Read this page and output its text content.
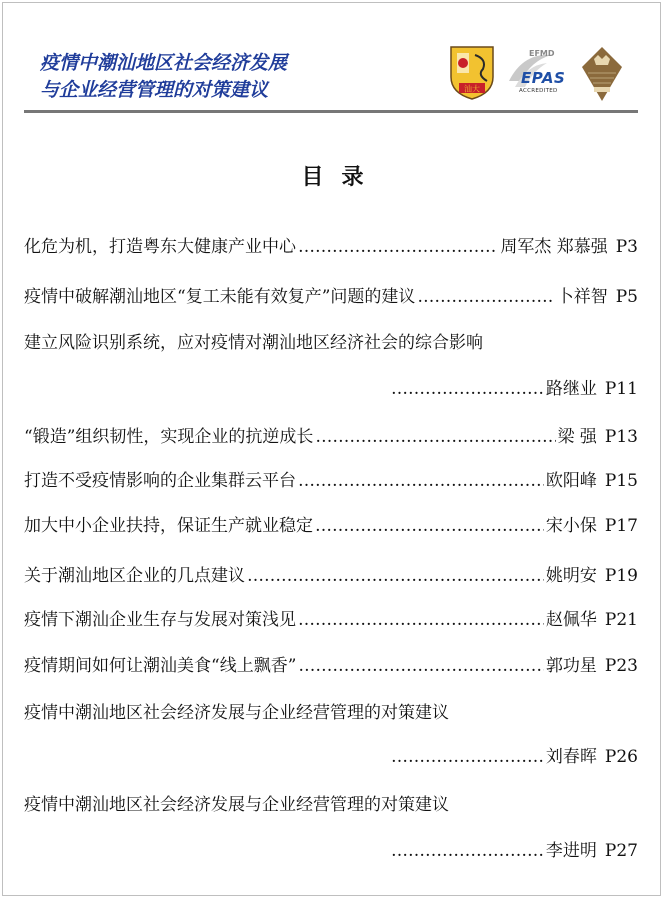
疫情中潮汕地区社会经济发展
与企业经营管理的对策建议	汕大
EFMD
EPAS
ACCREDITED
目录
化危为机，打造粤东大健康产业中心 ……………………………………………………………………………………………………………………	周军杰 郑慕强 P3
疫情中破解潮汕地区“复工未能有效复产”问题的建议 ……………………………………………………………………………………………………………………	卜祥智 P5
建立风险识别系统，应对疫情对潮汕地区经济社会的综合影响
……………………………………………………………………………………………………………………
路继业 P11
“锻造”组织韧性，实现企业的抗逆成长 ……………………………………………………………………………………………………………………	梁 强 P13
打造不受疫情影响的企业集群云平台 ……………………………………………………………………………………………………………………	欧阳峰 P15
加大中小企业扶持，保证生产就业稳定 ……………………………………………………………………………………………………………………	宋小保 P17
关于潮汕地区企业的几点建议 ……………………………………………………………………………………………………………………	姚明安 P19
疫情下潮汕企业生存与发展对策浅见 ……………………………………………………………………………………………………………………	赵佩华 P21
疫情期间如何让潮汕美食“线上飘香” ……………………………………………………………………………………………………………………	郭功星 P23
疫情中潮汕地区社会经济发展与企业经营管理的对策建议
……………………………………………………………………………………………………………………
刘春晖 P26
疫情中潮汕地区社会经济发展与企业经营管理的对策建议
……………………………………………………………………………………………………………………
李进明 P27
